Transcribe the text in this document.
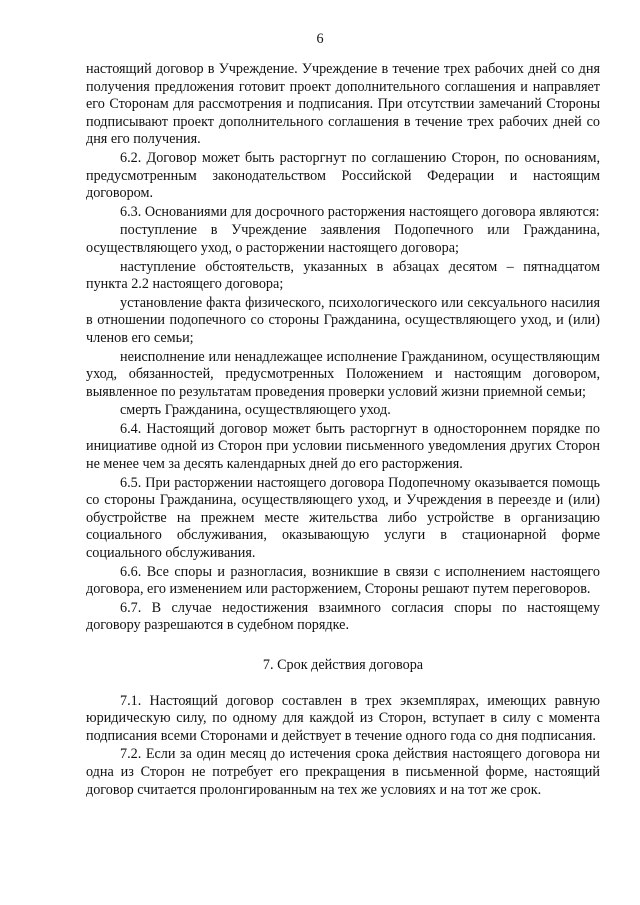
6

настоящий договор в Учреждение. Учреждение в течение трех рабочих дней со дня получения предложения готовит проект дополнительного соглашения и направляет его Сторонам для рассмотрения и подписания. При отсутствии замечаний Стороны подписывают проект дополнительного соглашения в течение трех рабочих дней со дня его получения.

6.2. Договор может быть расторгнут по соглашению Сторон, по основаниям, предусмотренным законодательством Российской Федерации и настоящим договором.

6.3. Основаниями для досрочного расторжения настоящего договора являются:

поступление в Учреждение заявления Подопечного или Гражданина, осуществляющего уход, о расторжении настоящего договора;

наступление обстоятельств, указанных в абзацах десятом – пятнадцатом пункта 2.2 настоящего договора;

установление факта физического, психологического или сексуального насилия в отношении подопечного со стороны Гражданина, осуществляющего уход, и (или) членов его семьи;

неисполнение или ненадлежащее исполнение Гражданином, осуществляющим уход, обязанностей, предусмотренных Положением и настоящим договором, выявленное по результатам проведения проверки условий жизни приемной семьи;

смерть Гражданина, осуществляющего уход.

6.4. Настоящий договор может быть расторгнут в одностороннем порядке по инициативе одной из Сторон при условии письменного уведомления других Сторон не менее чем за десять календарных дней до его расторжения.

6.5. При расторжении настоящего договора Подопечному оказывается помощь со стороны Гражданина, осуществляющего уход, и Учреждения в переезде и (или) обустройстве на прежнем месте жительства либо устройстве в организацию социального обслуживания, оказывающую услуги в стационарной форме социального обслуживания.

6.6. Все споры и разногласия, возникшие в связи с исполнением настоящего договора, его изменением или расторжением, Стороны решают путем переговоров.

6.7. В случае недостижения взаимного согласия споры по настоящему договору разрешаются в судебном порядке.

7. Срок действия договора

7.1. Настоящий договор составлен в трех экземплярах, имеющих равную юридическую силу, по одному для каждой из Сторон, вступает в силу с момента подписания всеми Сторонами и действует в течение одного года со дня подписания.

7.2. Если за один месяц до истечения срока действия настоящего договора ни одна из Сторон не потребует его прекращения в письменной форме, настоящий договор считается пролонгированным на тех же условиях и на тот же срок.
